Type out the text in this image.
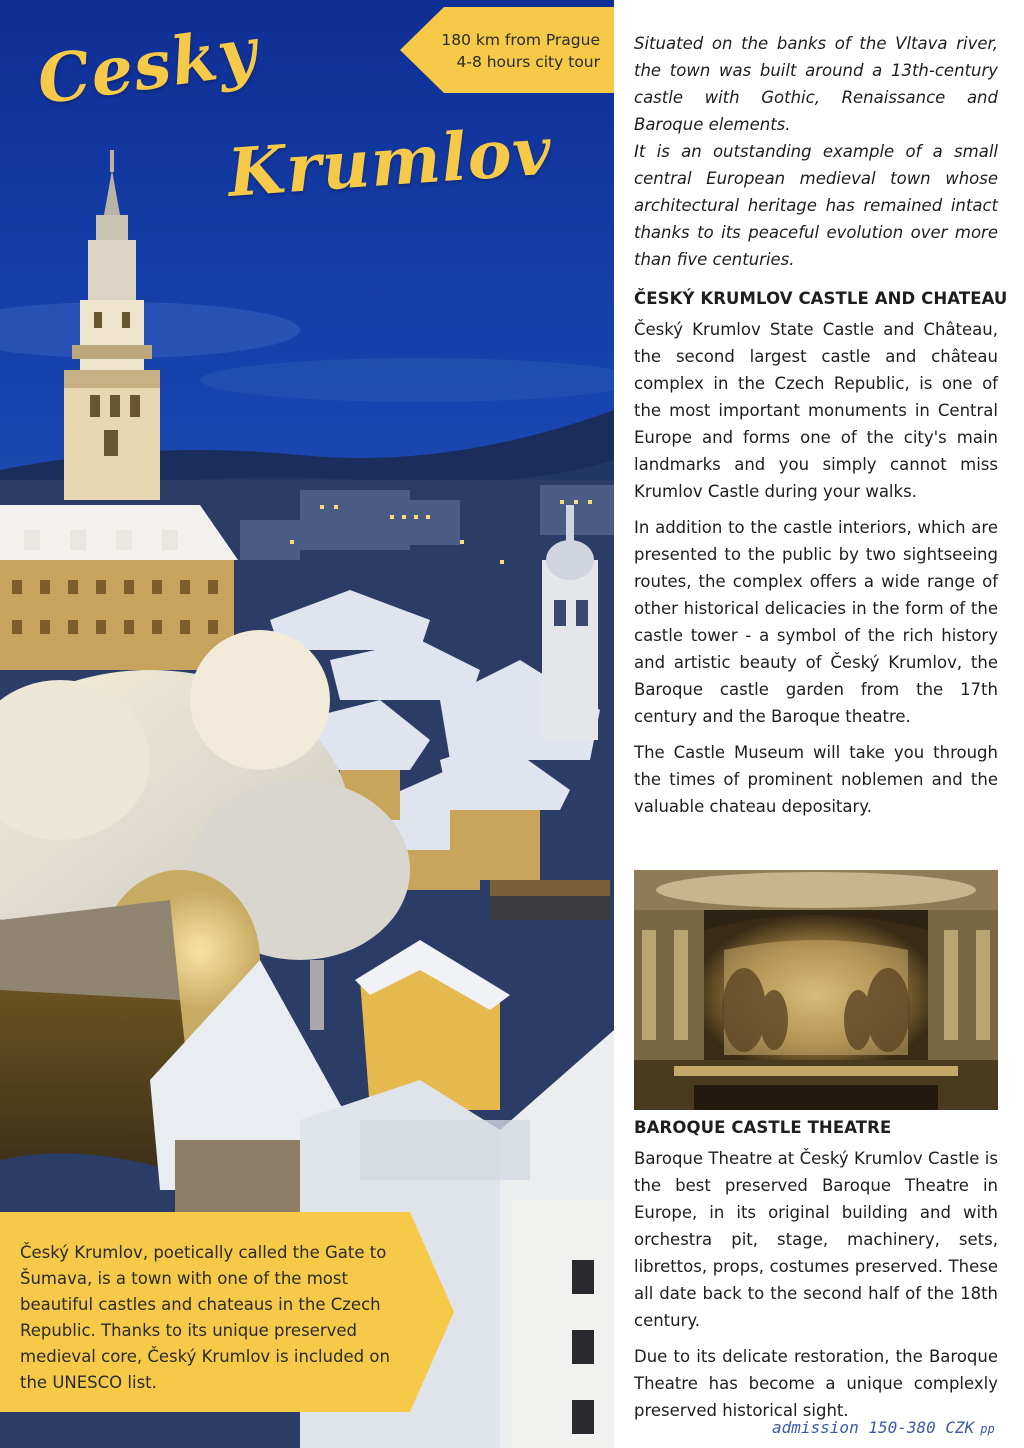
180 km from Prague
4-8 hours city tour
Cesky
Krumlov
Český Krumlov, poetically called the Gate to Šumava, is a town with one of the most beautiful castles and chateaus in the Czech Republic. Thanks to its unique preserved medieval core, Český Krumlov is included on the UNESCO list.

Situated on the banks of the Vltava river, the town was built around a 13th-century castle with Gothic, Renaissance and Baroque elements.

It is an outstanding example of a small central European medieval town whose architectural heritage has remained intact thanks to its peaceful evolution over more than five centuries.

ČESKÝ KRUMLOV CASTLE AND CHATEAU

Český Krumlov State Castle and Château, the second largest castle and château complex in the Czech Republic, is one of the most important monuments in Central Europe and forms one of the city's main landmarks and you simply cannot miss Krumlov Castle during your walks.

In addition to the castle interiors, which are presented to the public by two sightseeing routes, the complex offers a wide range of other historical delicacies in the form of the castle tower - a symbol of the rich history and artistic beauty of Český Krumlov, the Baroque castle garden from the 17th century and the Baroque theatre.

The Castle Museum will take you through the times of prominent noblemen and the valuable chateau depositary.

BAROQUE CASTLE THEATRE

Baroque Theatre at Český Krumlov Castle is the best preserved Baroque Theatre in Europe, in its original building and with orchestra pit, stage, machinery, sets, librettos, props, costumes preserved. These all date back to the second half of the 18th century.

Due to its delicate restoration, the Baroque Theatre has become a unique complexly preserved historical sight.

admission 150-380 CZK pp
